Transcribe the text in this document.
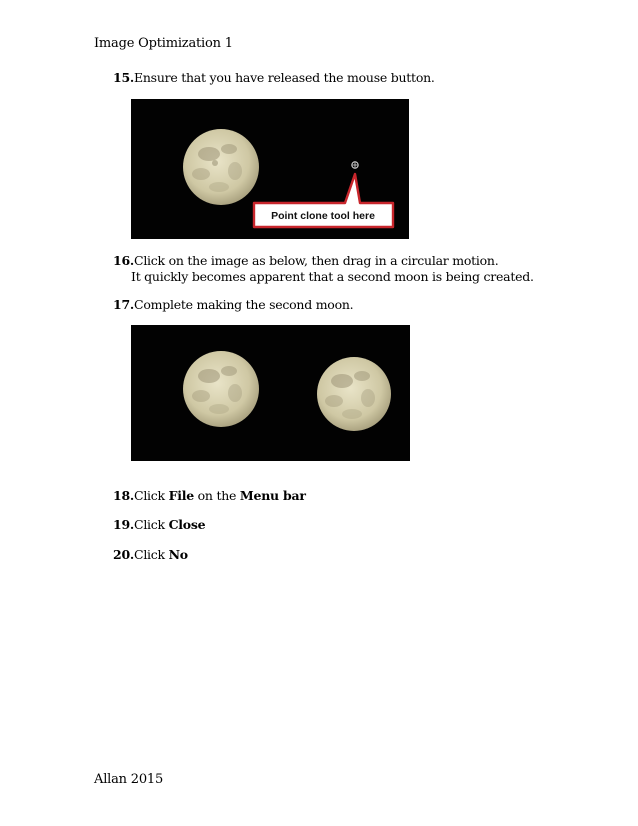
Image Optimization 1
15.Ensure that you have released the mouse button.
Point clone tool here
16.Click on the image as below, then drag in a circular motion.
It quickly becomes apparent that a second moon is being created.
17.Complete making the second moon.
18.Click File on the Menu bar
19.Click Close
20.Click No
Allan 2015
